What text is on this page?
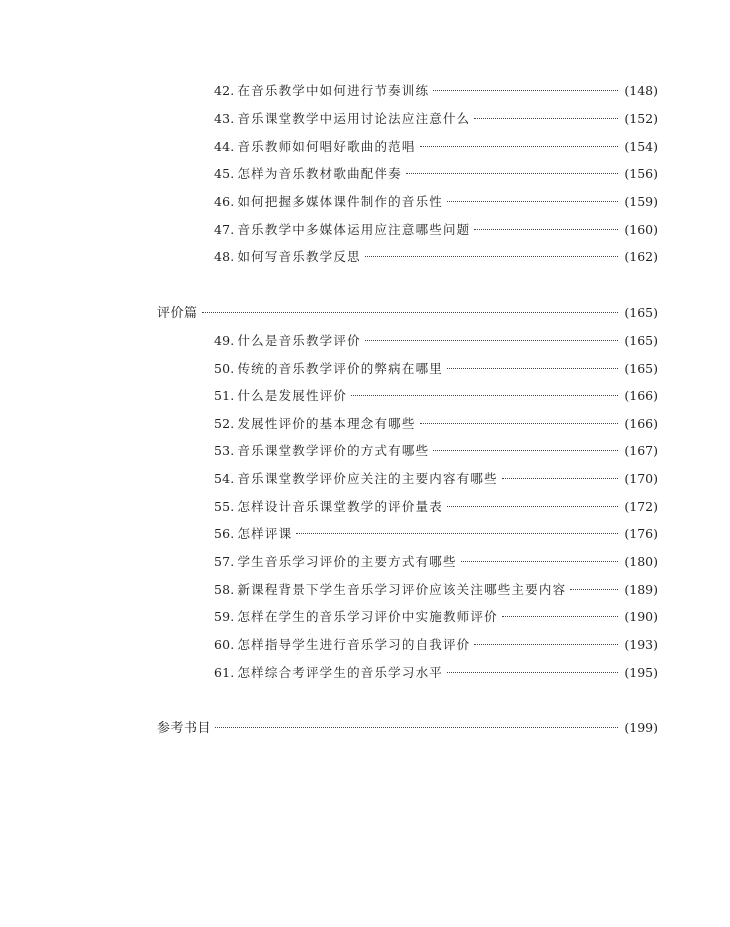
42. 在音乐教学中如何进行节奏训练	(148)
43. 音乐课堂教学中运用讨论法应注意什么	(152)
44. 音乐教师如何唱好歌曲的范唱	(154)
45. 怎样为音乐教材歌曲配伴奏	(156)
46. 如何把握多媒体课件制作的音乐性	(159)
47. 音乐教学中多媒体运用应注意哪些问题	(160)
48. 如何写音乐教学反思	(162)
评价篇	(165)
49. 什么是音乐教学评价	(165)
50. 传统的音乐教学评价的弊病在哪里	(165)
51. 什么是发展性评价	(166)
52. 发展性评价的基本理念有哪些	(166)
53. 音乐课堂教学评价的方式有哪些	(167)
54. 音乐课堂教学评价应关注的主要内容有哪些	(170)
55. 怎样设计音乐课堂教学的评价量表	(172)
56. 怎样评课	(176)
57. 学生音乐学习评价的主要方式有哪些	(180)
58. 新课程背景下学生音乐学习评价应该关注哪些主要内容	(189)
59. 怎样在学生的音乐学习评价中实施教师评价	(190)
60. 怎样指导学生进行音乐学习的自我评价	(193)
61. 怎样综合考评学生的音乐学习水平	(195)
参考书目	(199)
